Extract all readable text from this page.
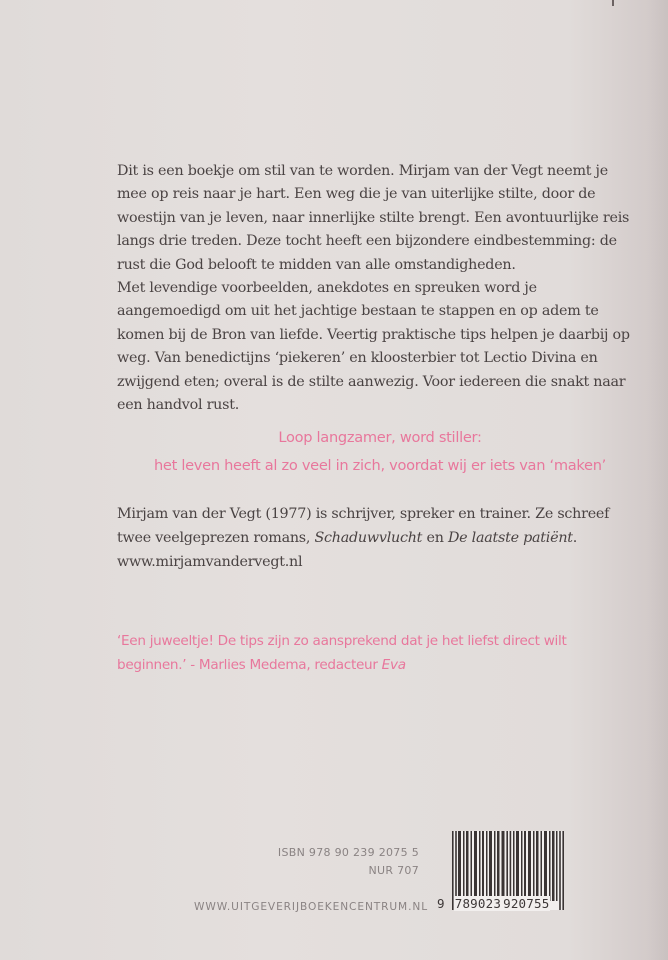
Dit is een boekje om stil van te worden. Mirjam van der Vegt neemt je mee op reis naar je hart. Een weg die je van uiterlijke stilte, door de woestijn van je leven, naar innerlijke stilte brengt. Een avontuurlijke reis langs drie treden. Deze tocht heeft een bijzondere eindbestemming: de rust die God belooft te midden van alle omstandigheden.

Met levendige voorbeelden, anekdotes en spreuken word je aangemoedigd om uit het jachtige bestaan te stappen en op adem te komen bij de Bron van liefde. Veertig praktische tips helpen je daarbij op weg. Van benedictijns ‘piekeren’ en kloosterbier tot Lectio Divina en zwijgend eten; overal is de stilte aanwezig. Voor iedereen die snakt naar een handvol rust.

Loop langzamer, word stiller:
het leven heeft al zo veel in zich, voordat wij er iets van ‘maken’

Mirjam van der Vegt (1977) is schrijver, spreker en trainer. Ze schreef twee veelgeprezen romans, Schaduwvlucht en De laatste patiënt.

www.mirjamvandervegt.nl

‘Een juweeltje! De tips zijn zo aansprekend dat je het liefst direct wilt beginnen.’ - Marlies Medema, redacteur Eva

ISBN 978 90 239 2075 5
NUR 707
WWW.UITGEVERIJBOEKENCENTRUM.NL 9 789023 920755
